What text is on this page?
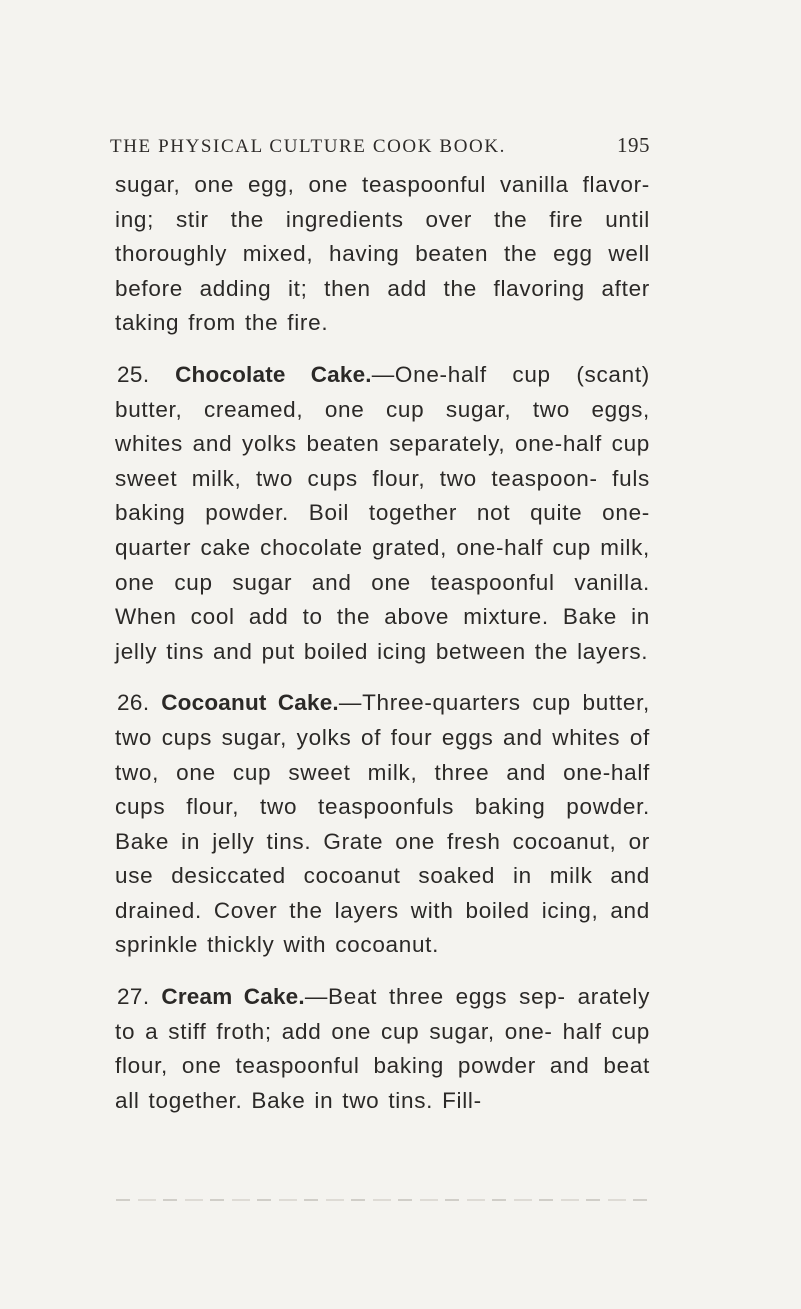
THE PHYSICAL CULTURE COOK BOOK.	195

sugar, one egg, one teaspoonful vanilla flavor- ing; stir the ingredients over the fire until thoroughly mixed, having beaten the egg well before adding it; then add the flavoring after taking from the fire.

25. Chocolate Cake.—One-half cup (scant) butter, creamed, one cup sugar, two eggs, whites and yolks beaten separately, one-half cup sweet milk, two cups flour, two teaspoon- fuls baking powder. Boil together not quite one-quarter cake chocolate grated, one-half cup milk, one cup sugar and one teaspoonful vanilla. When cool add to the above mixture. Bake in jelly tins and put boiled icing between the layers.

26. Cocoanut Cake.—Three-quarters cup butter, two cups sugar, yolks of four eggs and whites of two, one cup sweet milk, three and one-half cups flour, two teaspoonfuls baking powder. Bake in jelly tins. Grate one fresh cocoanut, or use desiccated cocoanut soaked in milk and drained. Cover the layers with boiled icing, and sprinkle thickly with cocoanut.

27. Cream Cake.—Beat three eggs sep- arately to a stiff froth; add one cup sugar, one- half cup flour, one teaspoonful baking powder and beat all together. Bake in two tins. Fill-
